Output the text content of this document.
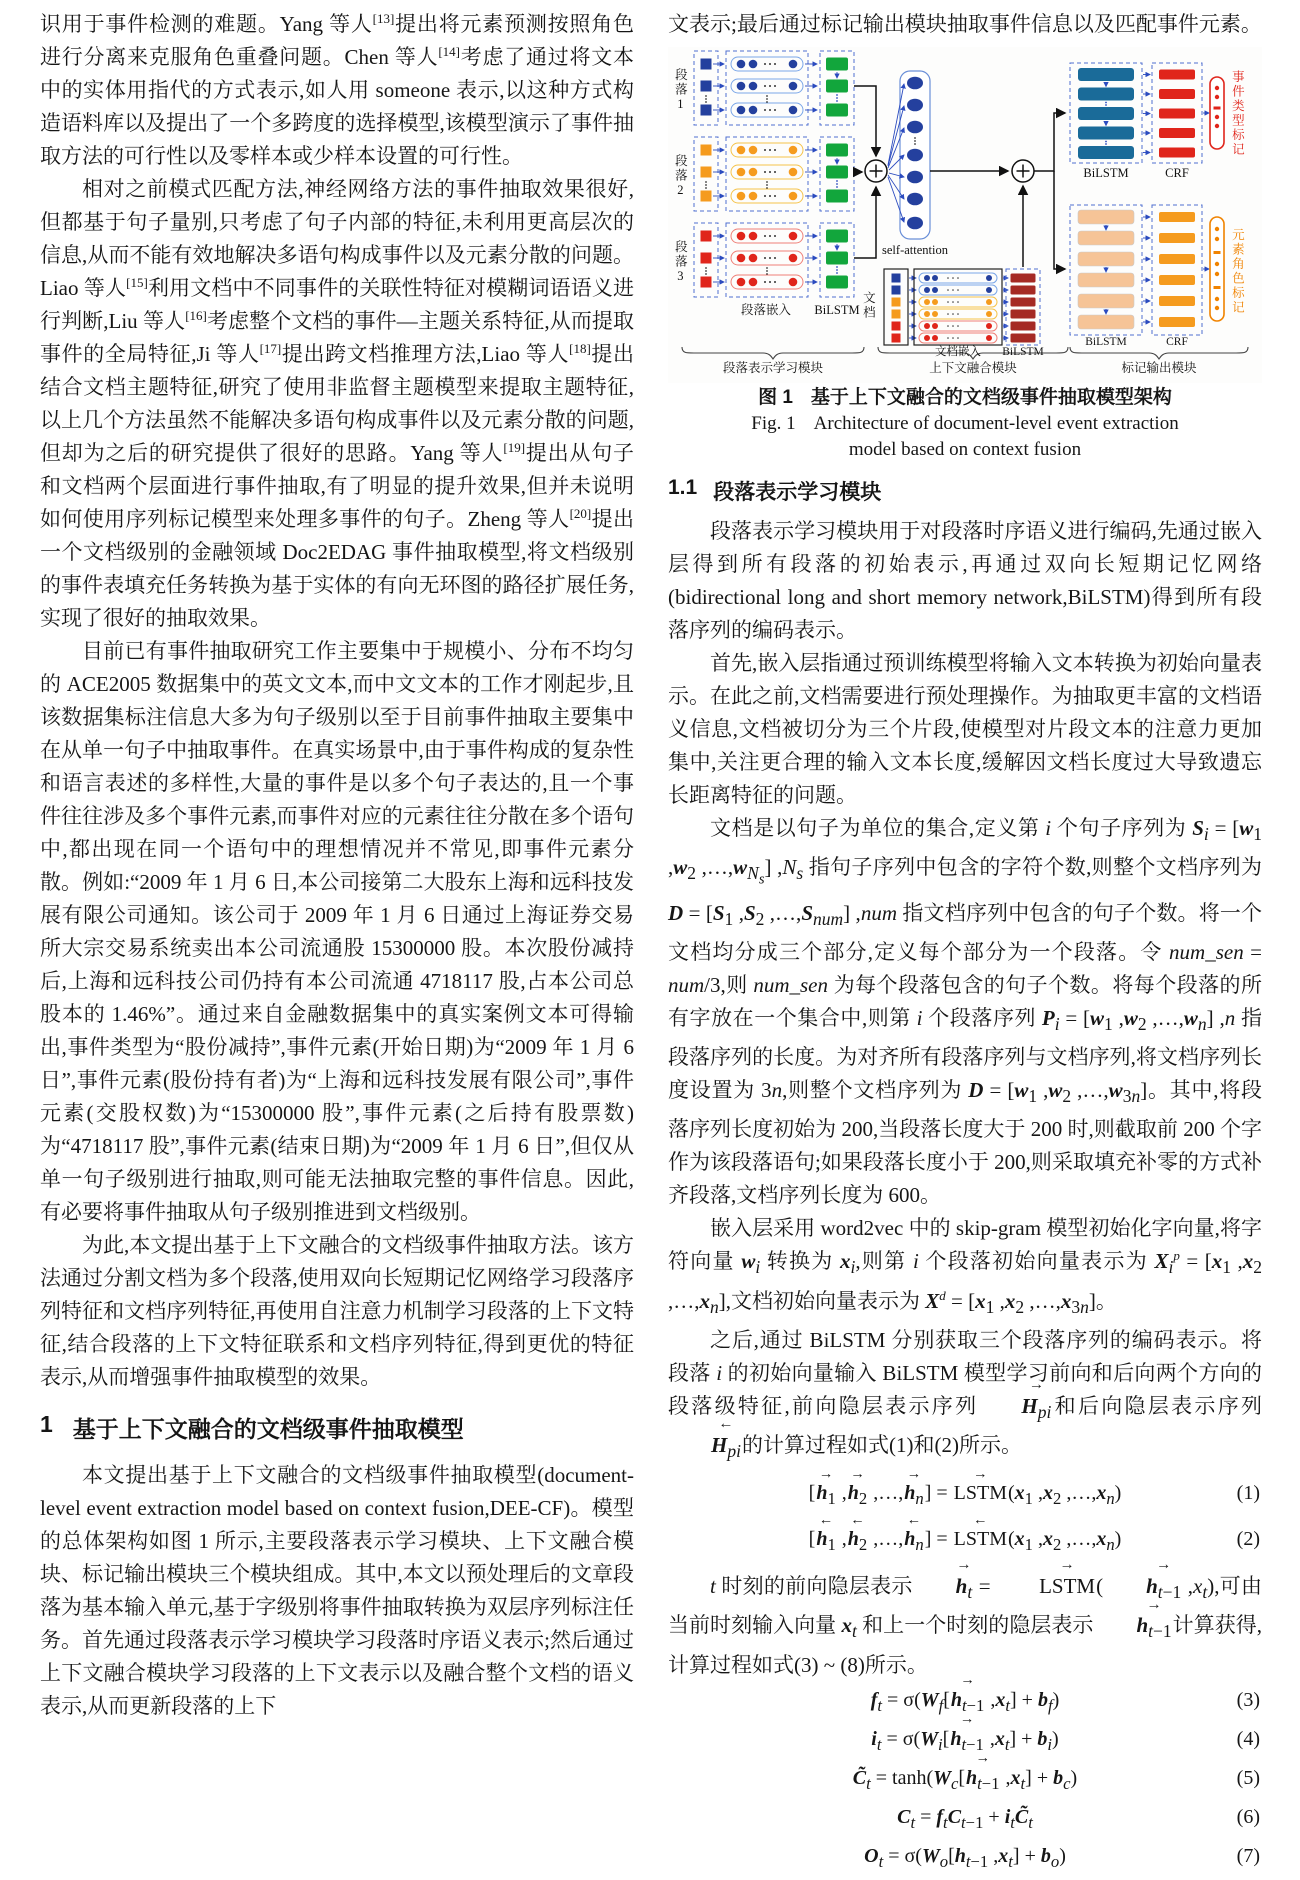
识用于事件检测的难题。Yang 等人[13]提出将元素预测按照角色进行分离来克服角色重叠问题。Chen 等人[14]考虑了通过将文本中的实体用指代的方式表示,如人用 someone 表示,以这种方式构造语料库以及提出了一个多跨度的选择模型,该模型演示了事件抽取方法的可行性以及零样本或少样本设置的可行性。

相对之前模式匹配方法,神经网络方法的事件抽取效果很好,但都基于句子量别,只考虑了句子内部的特征,未利用更高层次的信息,从而不能有效地解决多语句构成事件以及元素分散的问题。Liao 等人[15]利用文档中不同事件的关联性特征对模糊词语语义进行判断,Liu 等人[16]考虑整个文档的事件—主题关系特征,从而提取事件的全局特征,Ji 等人[17]提出跨文档推理方法,Liao 等人[18]提出结合文档主题特征,研究了使用非监督主题模型来提取主题特征,以上几个方法虽然不能解决多语句构成事件以及元素分散的问题,但却为之后的研究提供了很好的思路。Yang 等人[19]提出从句子和文档两个层面进行事件抽取,有了明显的提升效果,但并未说明如何使用序列标记模型来处理多事件的句子。Zheng 等人[20]提出一个文档级别的金融领域 Doc2EDAG 事件抽取模型,将文档级别的事件表填充任务转换为基于实体的有向无环图的路径扩展任务,实现了很好的抽取效果。

目前已有事件抽取研究工作主要集中于规模小、分布不均匀的 ACE2005 数据集中的英文文本,而中文文本的工作才刚起步,且该数据集标注信息大多为句子级别以至于目前事件抽取主要集中在从单一句子中抽取事件。在真实场景中,由于事件构成的复杂性和语言表述的多样性,大量的事件是以多个句子表达的,且一个事件往往涉及多个事件元素,而事件对应的元素往往分散在多个语句中,都出现在同一个语句中的理想情况并不常见,即事件元素分散。例如:“2009 年 1 月 6 日,本公司接第二大股东上海和远科技发展有限公司通知。该公司于 2009 年 1 月 6 日通过上海证券交易所大宗交易系统卖出本公司流通股 15300000 股。本次股份减持后,上海和远科技公司仍持有本公司流通 4718117 股,占本公司总股本的 1.46%”。通过来自金融数据集中的真实案例文本可得输出,事件类型为“股份减持”,事件元素(开始日期)为“2009 年 1 月 6 日”,事件元素(股份持有者)为“上海和远科技发展有限公司”,事件元素(交股权数)为“15300000 股”,事件元素(之后持有股票数)为“4718117 股”,事件元素(结束日期)为“2009 年 1 月 6 日”,但仅从单一句子级别进行抽取,则可能无法抽取完整的事件信息。因此,有必要将事件抽取从句子级别推进到文档级别。

为此,本文提出基于上下文融合的文档级事件抽取方法。该方法通过分割文档为多个段落,使用双向长短期记忆网络学习段落序列特征和文档序列特征,再使用自注意力机制学习段落的上下文特征,结合段落的上下文特征联系和文档序列特征,得到更优的特征表示,从而增强事件抽取模型的效果。

1 基于上下文融合的文档级事件抽取模型

本文提出基于上下文融合的文档级事件抽取模型(document-level event extraction model based on context fusion,DEE-CF)。模型的总体架构如图 1 所示,主要段落表示学习模块、上下文融合模块、标记输出模块三个模块组成。其中,本文以预处理后的文章段落为基本输入单元,基于字级别将事件抽取转换为双层序列标注任务。首先通过段落表示学习模块学习段落时序语义表示;然后通过上下文融合模块学习段落的上下文表示以及融合整个文档的语义表示,从而更新段落的上下

文表示;最后通过标记输出模块抽取事件信息以及匹配事件元素。

段落1
段落2
段落3
段落嵌入	BiLSTM
self-attention
文档
文档嵌入	BiLSTM
BiLSTM	CRF
BiLSTM	CRF
事件类型标记
元素角色标记
段落表示学习模块	上下文融合模块	标记输出模块
图 1 基于上下文融合的文档级事件抽取模型架构
Fig. 1 Architecture of document-level event extraction
model based on context fusion
1.1 段落表示学习模块

段落表示学习模块用于对段落时序语义进行编码,先通过嵌入层得到所有段落的初始表示,再通过双向长短期记忆网络(bidirectional long and short memory network,BiLSTM)得到所有段落序列的编码表示。

首先,嵌入层指通过预训练模型将输入文本转换为初始向量表示。在此之前,文档需要进行预处理操作。为抽取更丰富的文档语义信息,文档被切分为三个片段,使模型对片段文本的注意力更加集中,关注更合理的输入文本长度,缓解因文档长度过大导致遗忘长距离特征的问题。

文档是以句子为单位的集合,定义第 i 个句子序列为 $S_i = [w_1$ $,w_2$ $,\dots,w_{N_s}$] $,N_s$ 指句子序列中包含的字符个数,则整个文档序列为 $D = [S_1$ $,S_2$ $,\dots,S_{num}$] ,num 指文档序列中包含的句子个数。将一个文档均分成三个部分,定义每个部分为一个段落。令 num_sen = num/3,则 num_sen 为每个段落包含的句子个数。将每个段落的所有字放在一个集合中,则第 i 个段落序列 $P_i = [w_1$ $,w_2$ $,\dots,w_n$] ,n 指段落序列的长度。为对齐所有段落序列与文档序列,将文档序列长度设置为 3n,则整个文档序列为 $D = [w_1$ $,w_2$ $,\dots,w_{3n}$]。其中,将段落序列长度初始为 200,当段落长度大于 200 时,则截取前 200 个字作为该段落语句;如果段落长度小于 200,则采取填充补零的方式补齐段落,文档序列长度为 600。

嵌入层采用 word2vec 中的 skip-gram 模型初始化字向量,将字符向量 $w_i$ 转换为 $x_i$,则第 i 个段落初始向量表示为 $X_i^p = [x_1$ $,x_2$ $,\dots,x_n$],文档初始向量表示为 $X^d = [x_1$ $,x_2$ $,\dots,x_{3n}$]。

之后,通过 BiLSTM 分别获取三个段落序列的编码表示。将段落 i 的初始向量输入 BiLSTM 模型学习前向和后向两个方向的段落级特征,前向隐层表示序列 → $H_{pi}$和后向隐层表示序列← $H_{pi}$的计算过程如式(1)和(2)所示。

[→ $h_1$ ,→ $h_2$ ,…,→ $h_n$] = → $LSTM(x_1$ $,x_2$ $,\dots,x_n$)	(1)
[← $h_1$ ,← $h_2$ ,…,← $h_n$] = ← $LSTM(x_1$ $,x_2$ $,\dots,x_n$)	(2)

t 时刻的前向隐层表示 → $h_t$ = → LSTM( → $h_{t-1}$ $,x_t$),可由当前时刻输入向量 $x_t$ 和上一个时刻的隐层表示 → $h_{t-1}$计算获得,计算过程如式(3) ~ (8)所示。

$f_t = \sigma(W_f[\to h_{t-1}$ $,x_t] + b_f$)	(3)
$i_t = \sigma(W_i[\to h_{t-1}$ $,x_t] + b_i$)	(4)
$C̃_t = \tanh(W_c[\to h_{t-1}$ $,x_t] + b_c$)	(5)
$C_t = f_tC_{t-1}$ + $i_tC̃_t$	(6)
$O_t = \sigma(W_o[h_{t-1}$ $,x_t] + b_o$)	(7)
